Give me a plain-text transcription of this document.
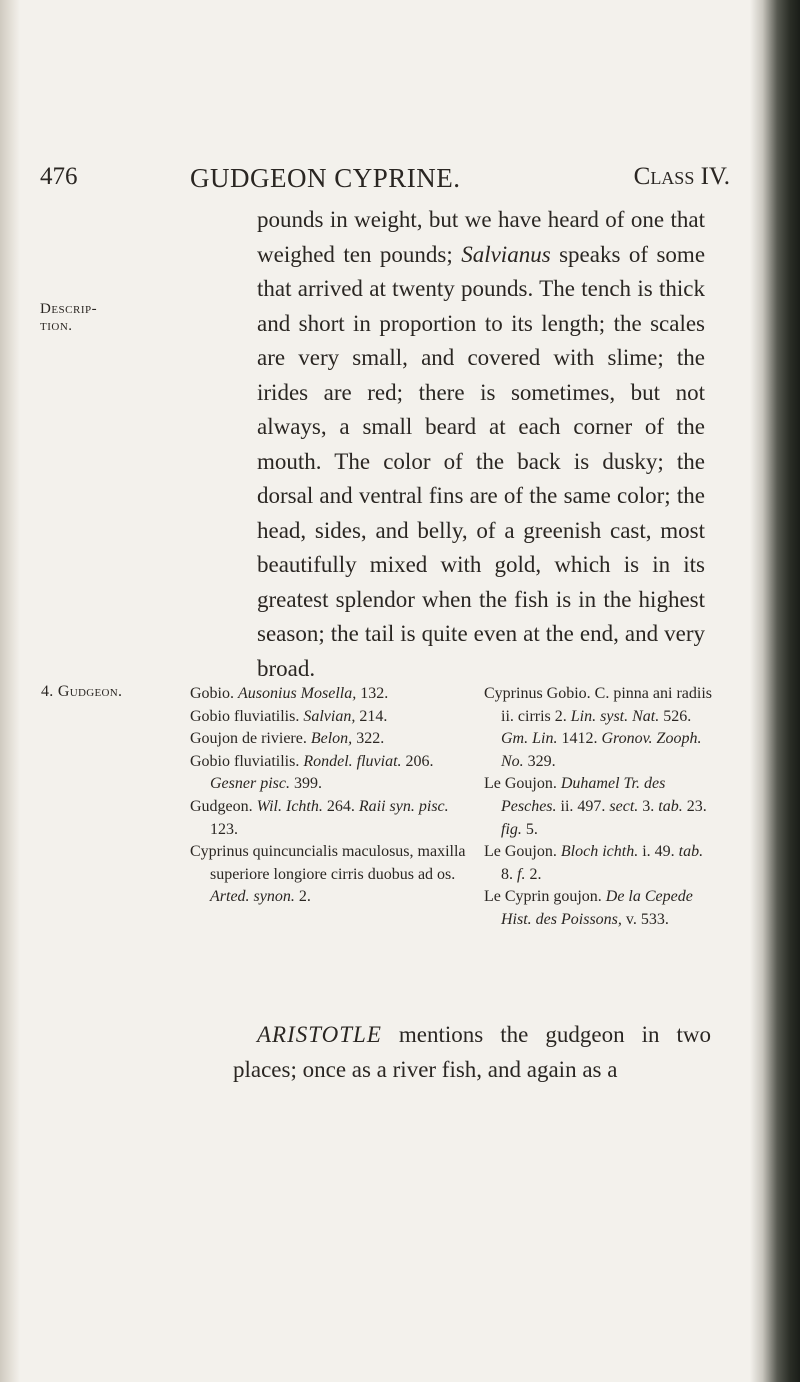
476	GUDGEON CYPRINE.	Class IV.
Descrip-
tion.

pounds in weight, but we have heard of one that weighed ten pounds; Salvianus speaks of some that arrived at twenty pounds. The tench is thick and short in proportion to its length; the scales are very small, and covered with slime; the irides are red; there is sometimes, but not always, a small beard at each corner of the mouth. The color of the back is dusky; the dorsal and ventral fins are of the same color; the head, sides, and belly, of a greenish cast, most beautifully mixed with gold, which is in its greatest splendor when the fish is in the highest season; the tail is quite even at the end, and very broad.

4. Gudgeon.	Gobio. Ausonius Mosella, 132.

Gobio fluviatilis. Salvian, 214.

Goujon de riviere. Belon, 322.

Gobio fluviatilis. Rondel. fluviat. 206. Gesner pisc. 399.

Gudgeon. Wil. Ichth. 264. Raii syn. pisc. 123.

Cyprinus quincuncialis maculosus, maxilla superiore longiore cirris duobus ad os. Arted. synon. 2.

Cyprinus Gobio. C. pinna ani radiis ii. cirris 2. Lin. syst. Nat. 526. Gm. Lin. 1412. Gronov. Zooph. No. 329.

Le Goujon. Duhamel Tr. des Pesches. ii. 497. sect. 3. tab. 23. fig. 5.

Le Goujon. Bloch ichth. i. 49. tab. 8. f. 2.

Le Cyprin goujon. De la Cepede Hist. des Poissons, v. 533.

ARISTOTLE mentions the gudgeon in two places; once as a river fish, and again as a
